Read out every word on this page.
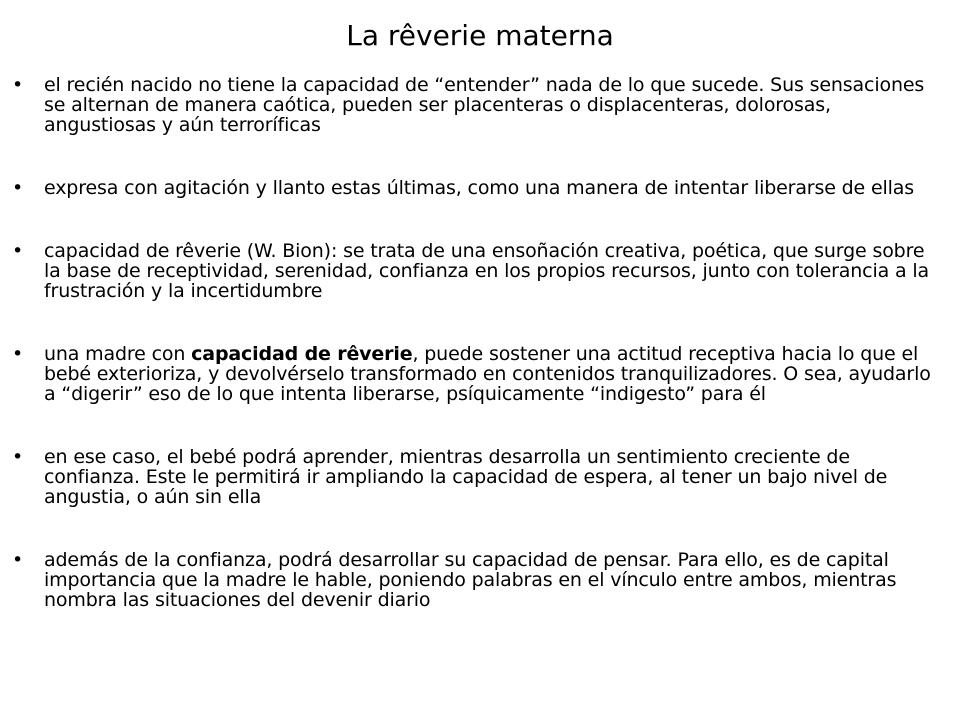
La rêverie materna
• el recién nacido no tiene la capacidad de “entender” nada de lo que sucede. Sus sensaciones se alternan de manera caótica, pueden ser placenteras o displacenteras, dolorosas, angustiosas y aún terroríficas
• expresa con agitación y llanto estas últimas, como una manera de intentar liberarse de ellas
• capacidad de rêverie (W. Bion): se trata de una ensoñación creativa, poética, que surge sobre la base de receptividad, serenidad, confianza en los propios recursos, junto con tolerancia a la frustración y la incertidumbre
• una madre con capacidad de rêverie, puede sostener una actitud receptiva hacia lo que el bebé exterioriza, y devolvérselo transformado en contenidos tranquilizadores. O sea, ayudarlo a “digerir” eso de lo que intenta liberarse, psíquicamente “indigesto” para él
• en ese caso, el bebé podrá aprender, mientras desarrolla un sentimiento creciente de confianza. Este le permitirá ir ampliando la capacidad de espera, al tener un bajo nivel de angustia, o aún sin ella
• además de la confianza, podrá desarrollar su capacidad de pensar. Para ello, es de capital importancia que la madre le hable, poniendo palabras en el vínculo entre ambos, mientras nombra las situaciones del devenir diario
